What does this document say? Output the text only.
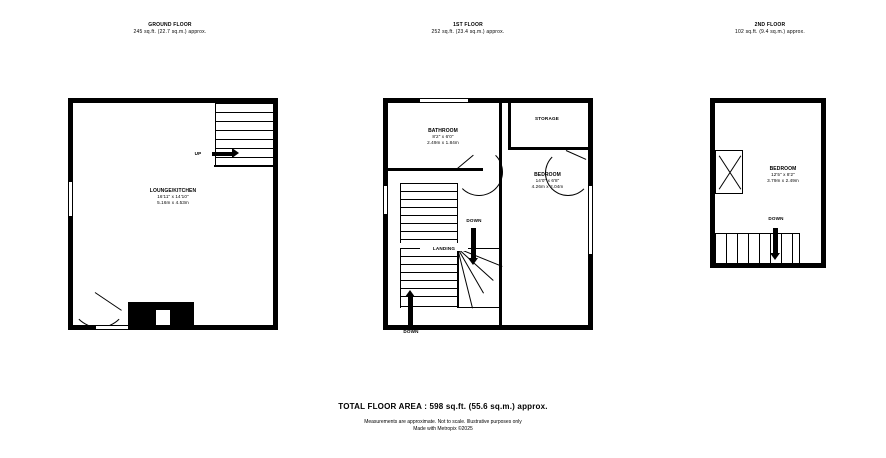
GROUND FLOOR
245 sq.ft. (22.7 sq.m.) approx.
UP
LOUNGE/KITCHEN
16'11" x 14'10"
5.16m x 4.53m
1ST FLOOR
252 sq.ft. (23.4 sq.m.) approx.
BATHROOM
8'2" x 6'0"
2.49m x 1.84m
BEDROOM
14'0" x 6'8"
4.26m x 2.04m
STORAGE
LANDING
DOWN
DOWN
2ND FLOOR
102 sq.ft. (9.4 sq.m.) approx.
BEDROOM
12'5" x 8'2"
3.79m x 2.49m
DOWN
TOTAL FLOOR AREA : 598 sq.ft. (55.6 sq.m.) approx.
Measurements are approximate. Not to scale. Illustrative purposes only
Made with Metropix ©2025
